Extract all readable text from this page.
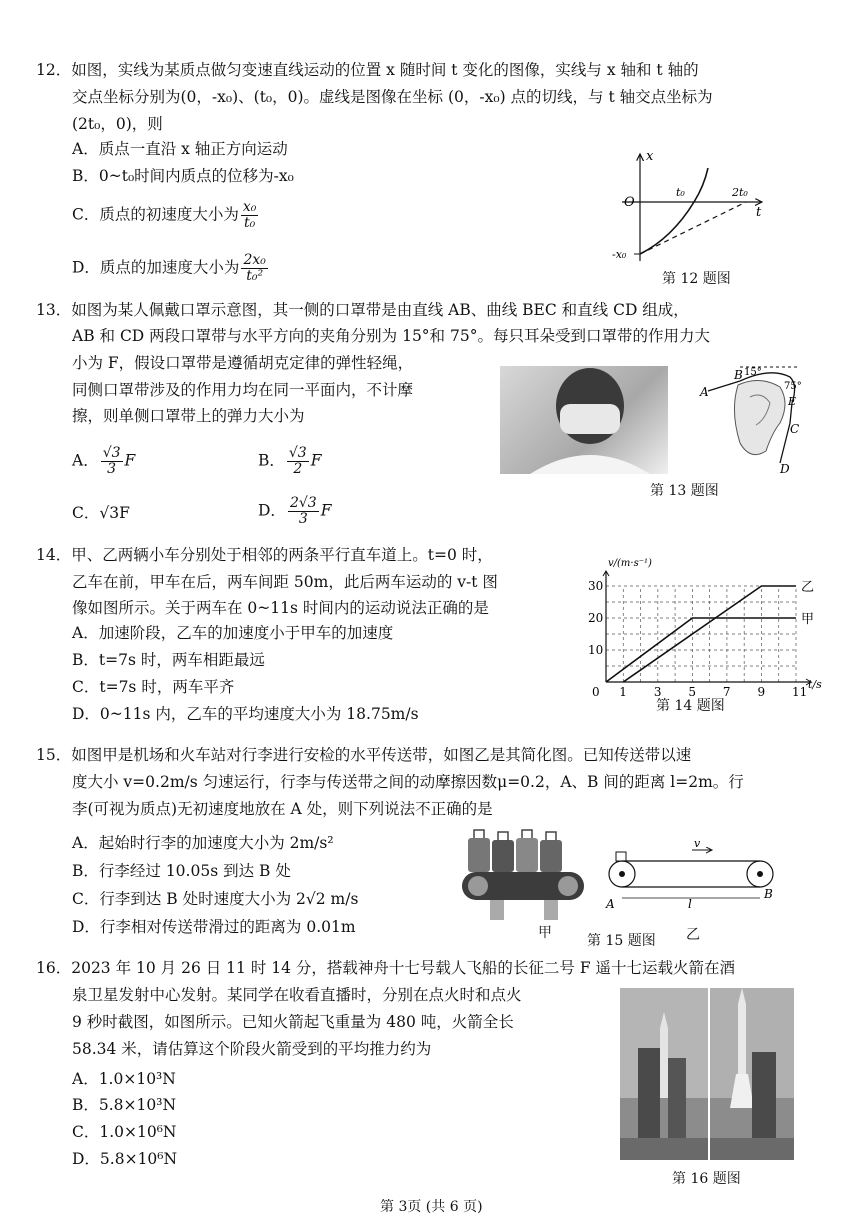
12．如图，实线为某质点做匀变速直线运动的位置 x 随时间 t 变化的图像，实线与 x 轴和 t 轴的
交点坐标分别为(0，-x₀)、(t₀，0)。虚线是图像在坐标 (0，-x₀) 点的切线，与 t 轴交点坐标为
(2t₀，0)，则
A．质点一直沿 x 轴正方向运动
B．0~t₀时间内质点的位移为-x₀
C．质点的初速度大小为 $\frac{\text{x₀}}{\text{t₀}}$
D．质点的加速度大小为 $\frac{\text{2x₀}}{\text{t₀²}}$
x
O
t₀	2t₀
t
-x₀
第 12 题图
13．如图为某人佩戴口罩示意图，其一侧的口罩带是由直线 AB、曲线 BEC 和直线 CD 组成，
AB 和 CD 两段口罩带与水平方向的夹角分别为 15°和 75°。每只耳朵受到口罩带的作用力大
小为 F，假设口罩带是遵循胡克定律的弹性轻绳，
同侧口罩带涉及的作用力均在同一平面内，不计摩
擦，则单侧口罩带上的弹力大小为
A． $\frac{√3}{3}$ F	B． $\frac{√3}{2}$ F
C．√3F	D． $\frac{2√3}{3}$ F
A
B 15°
75°
E
C
D
第 13 题图
14．甲、乙两辆小车分别处于相邻的两条平行直车道上。t=0 时，
乙车在前，甲车在后，两车间距 50m，此后两车运动的 v-t 图
像如图所示。关于两车在 0~11s 时间内的运动说法正确的是
A．加速阶段，乙车的加速度小于甲车的加速度
B．t=7s 时，两车相距最远
C．t=7s 时，两车平齐
D．0~11s 内，乙车的平均速度大小为 18.75m/s
0 1 3 5 7 9 11
10
20
30
t/s
v/(m·s⁻¹)
乙
甲
第 14 题图
15．如图甲是机场和火车站对行李进行安检的水平传送带，如图乙是其简化图。已知传送带以速
度大小 v=0.2m/s 匀速运行，行李与传送带之间的动摩擦因数μ=0.2，A、B 间的距离 l=2m。行
李(可视为质点)无初速度地放在 A 处，则下列说法不正确的是
A．起始时行李的加速度大小为 2m/s²
B．行李经过 10.05s 到达 B 处
C．行李到达 B 处时速度大小为 2√2 m/s
D．行李相对传送带滑过的距离为 0.01m	甲
v
A	l
B
第 15 题图 乙
16．2023 年 10 月 26 日 11 时 14 分，搭载神舟十七号载人飞船的长征二号 F 遥十七运载火箭在酒
泉卫星发射中心发射。某同学在收看直播时，分别在点火时和点火
9 秒时截图，如图所示。已知火箭起飞重量为 480 吨，火箭全长
58.34 米，请估算这个阶段火箭受到的平均推力约为
A．1.0×10³N
B．5.8×10³N
C．1.0×10⁶N
D．5.8×10⁶N
第 16 题图
第 3页 (共 6 页)
